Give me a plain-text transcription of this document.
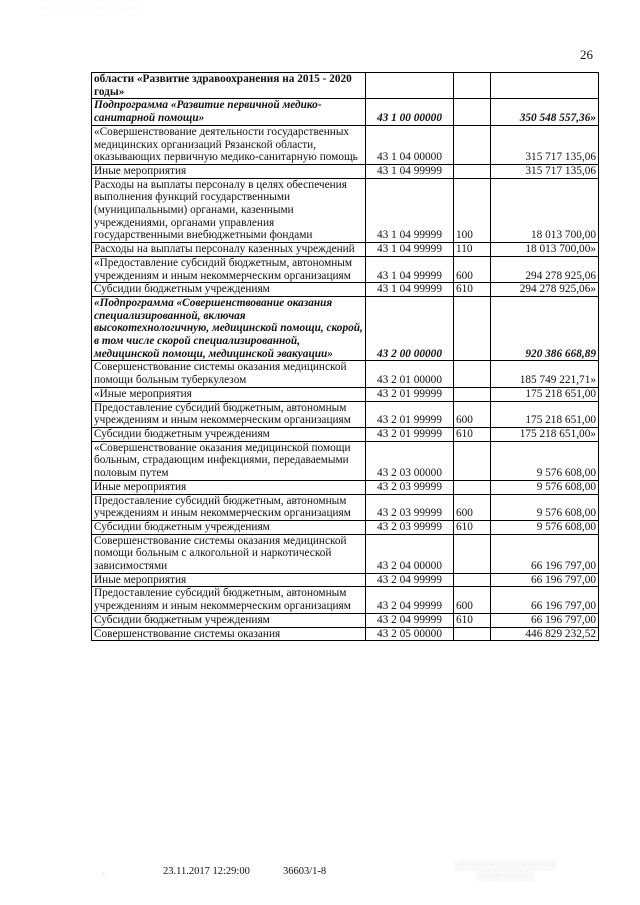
26
области «Развитие здравоохранения на 2015 - 2020 годы»			
Подпрограмма «Развитие первичной медико-санитарной помощи»	43 1 00 00000		350 548 557,36»
«Совершенствование деятельности государственных медицинских организаций Рязанской области, оказывающих первичную медико-санитарную помощь	43 1 04 00000		315 717 135,06
Иные мероприятия	43 1 04 99999		315 717 135,06
Расходы на выплаты персоналу в целях обеспечения выполнения функций государственными (муниципальными) органами, казенными учреждениями, органами управления государственными внебюджетными фондами	43 1 04 99999	100	18 013 700,00
Расходы на выплаты персоналу казенных учреждений	43 1 04 99999	110	18 013 700,00»
«Предоставление субсидий бюджетным, автономным учреждениям и иным некоммерческим организациям	43 1 04 99999	600	294 278 925,06
Субсидии бюджетным учреждениям	43 1 04 99999	610	294 278 925,06»
«Подпрограмма «Совершенствование оказания специализированной, включая высокотехнологичную, медицинской помощи, скорой, в том числе скорой специализированной, медицинской помощи, медицинской эвакуации»	43 2 00 00000		920 386 668,89
Совершенствование системы оказания медицинской помощи больным туберкулезом	43 2 01 00000		185 749 221,71»
«Иные мероприятия	43 2 01 99999		175 218 651,00
Предоставление субсидий бюджетным, автономным учреждениям и иным некоммерческим организациям	43 2 01 99999	600	175 218 651,00
Субсидии бюджетным учреждениям	43 2 01 99999	610	175 218 651,00»
«Совершенствование оказания медицинской помощи больным, страдающим инфекциями, передаваемыми половым путем	43 2 03 00000		9 576 608,00
Иные мероприятия	43 2 03 99999		9 576 608,00
Предоставление субсидий бюджетным, автономным учреждениям и иным некоммерческим организациям	43 2 03 99999	600	9 576 608,00
Субсидии бюджетным учреждениям	43 2 03 99999	610	9 576 608,00
Совершенствование системы оказания медицинской помощи больным с алкогольной и наркотической зависимостями	43 2 04 00000		66 196 797,00
Иные мероприятия	43 2 04 99999		66 196 797,00
Предоставление субсидий бюджетным, автономным учреждениям и иным некоммерческим организациям	43 2 04 99999	600	66 196 797,00
Субсидии бюджетным учреждениям	43 2 04 99999	610	66 196 797,00
Совершенствование системы оказания	43 2 05 00000		446 829 232,52
23.11.2017 12:29:00	36603/1-8
· · · · · · · · · · · · · · · · · · · · · · ·
⁘
░░░░░░░░░░░░░░░░
░░░░░░░░░
